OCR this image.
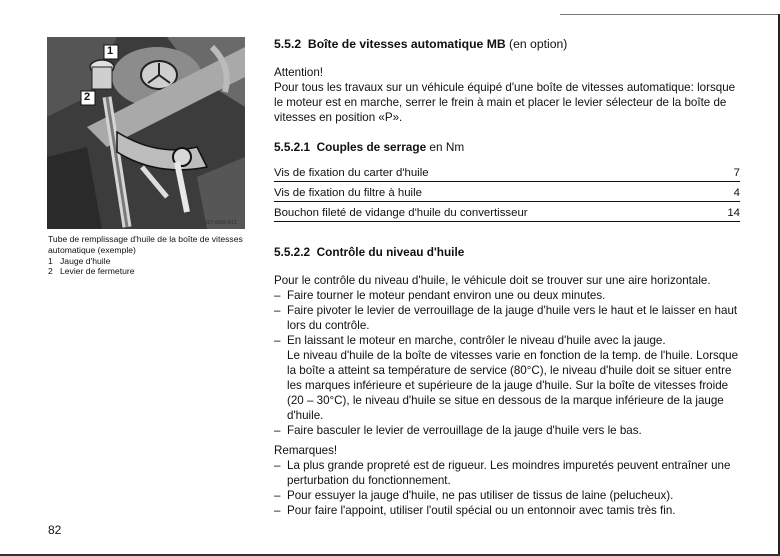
1
2
N27-0009-B13
Tube de remplissage d'huile de la boîte de vitesses automatique (exemple)
1 Jauge d'huile
2 Levier de fermeture
5.5.2 Boîte de vitesses automatique MB (en option)
Attention!
Pour tous les travaux sur un véhicule équipé d'une boîte de vitesses automatique: lorsque le moteur est en marche, serrer le frein à main et placer le levier sélecteur de la boîte de vitesses en position «P».
5.5.2.1 Couples de serrage en Nm
Vis de fixation du carter d'huile	7
Vis de fixation du filtre à huile	4
Bouchon fileté de vidange d'huile du convertisseur	14
5.5.2.2 Contrôle du niveau d'huile
Pour le contrôle du niveau d'huile, le véhicule doit se trouver sur une aire horizontale.
– Faire tourner le moteur pendant environ une ou deux minutes.
– Faire pivoter le levier de verrouillage de la jauge d'huile vers le haut et le laisser en haut lors du contrôle.
– En laissant le moteur en marche, contrôler le niveau d'huile avec la jauge.
Le niveau d'huile de la boîte de vitesses varie en fonction de la temp. de l'huile. Lorsque la boîte a atteint sa température de service (80°C), le niveau d'huile doit se situer entre les marques inférieure et supérieure de la jauge d'huile. Sur la boîte de vitesses froide (20 – 30°C), le niveau d'huile se situe en dessous de la marque inférieure de la jauge d'huile.
– Faire basculer le levier de verrouillage de la jauge d'huile vers le bas.
Remarques!
– La plus grande propreté est de rigueur. Les moindres impuretés peuvent entraîner une perturbation du fonctionnement.
– Pour essuyer la jauge d'huile, ne pas utiliser de tissus de laine (pelucheux).
– Pour faire l'appoint, utiliser l'outil spécial ou un entonnoir avec tamis très fin.
82
